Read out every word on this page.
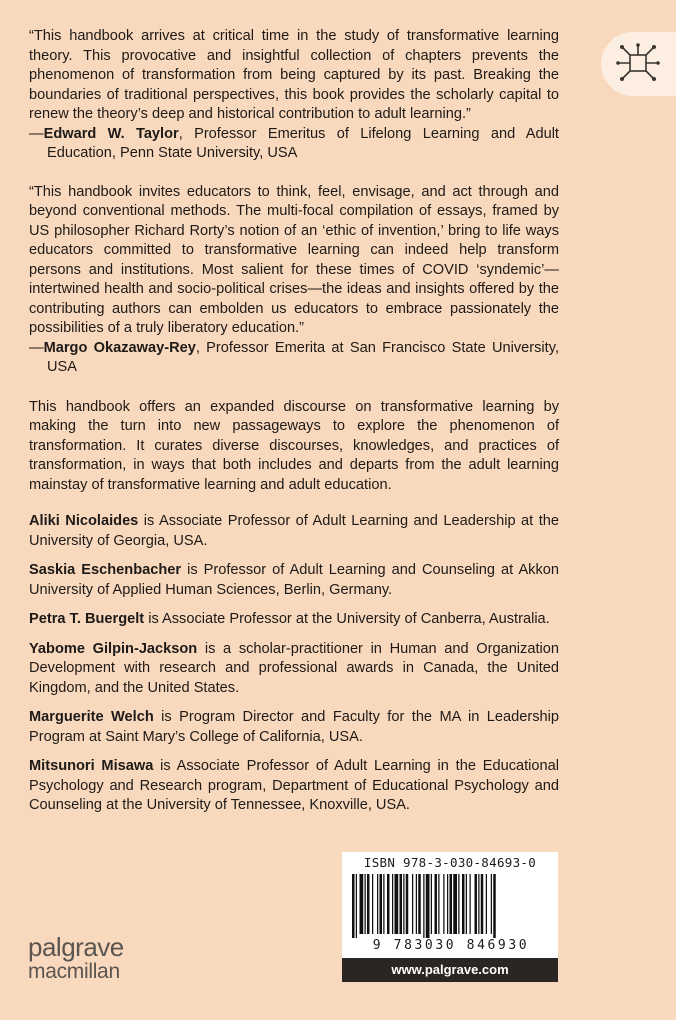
“This handbook arrives at critical time in the study of transformative learning theory. This provocative and insightful collection of chapters prevents the phenomenon of transformation from being captured by its past. Breaking the boundaries of traditional perspectives, this book provides the scholarly capital to renew the theory’s deep and historical contribution to adult learning.”

—Edward W. Taylor, Professor Emeritus of Lifelong Learning and Adult Education, Penn State University, USA

“This handbook invites educators to think, feel, envisage, and act through and beyond conventional methods. The multi-focal compilation of essays, framed by US philosopher Richard Rorty’s notion of an ‘ethic of invention,’ bring to life ways educators committed to transformative learning can indeed help transform persons and institutions. Most salient for these times of COVID ‘syndemic’—intertwined health and socio-political crises—the ideas and insights offered by the contributing authors can embolden us educators to embrace passionately the possibilities of a truly liberatory education.”

—Margo Okazaway-Rey, Professor Emerita at San Francisco State University, USA

This handbook offers an expanded discourse on transformative learning by making the turn into new passageways to explore the phenomenon of transformation. It curates diverse discourses, knowledges, and practices of transformation, in ways that both includes and departs from the adult learning mainstay of transformative learning and adult education.

Aliki Nicolaides is Associate Professor of Adult Learning and Leadership at the University of Georgia, USA.

Saskia Eschenbacher is Professor of Adult Learning and Counseling at Akkon University of Applied Human Sciences, Berlin, Germany.

Petra T. Buergelt is Associate Professor at the University of Canberra, Australia.

Yabome Gilpin-Jackson is a scholar-practitioner in Human and Organization Development with research and professional awards in Canada, the United Kingdom, and the United States.

Marguerite Welch is Program Director and Faculty for the MA in Leadership Program at Saint Mary’s College of California, USA.

Mitsunori Misawa is Associate Professor of Adult Learning in the Educational Psychology and Research program, Department of Educational Psychology and Counseling at the University of Tennessee, Knoxville, USA.

palgrave
macmillan
ISBN 978-3-030-84693-0
9 783030 846930
www.palgrave.com
